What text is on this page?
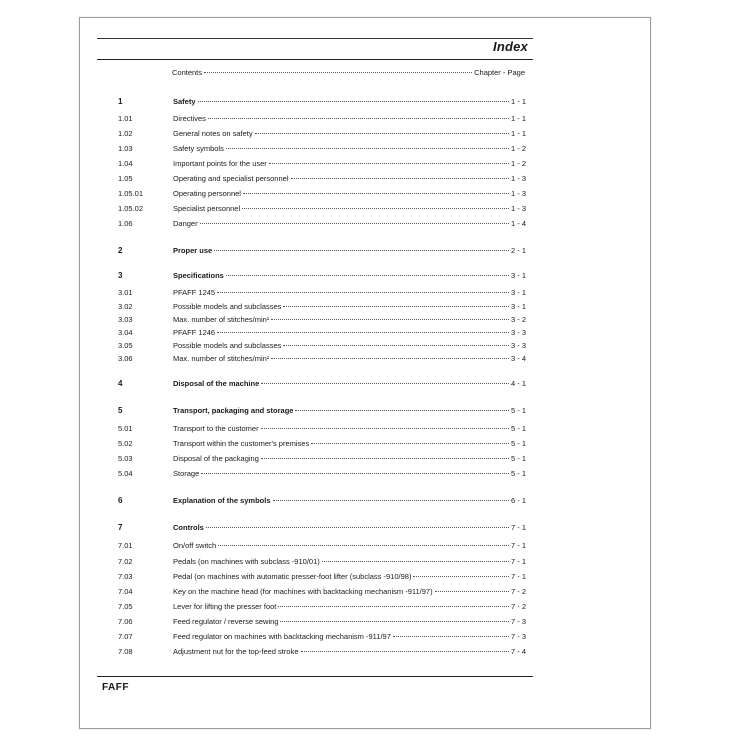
Index
Contents	Chapter - Page
1	Safety	1 - 1
1.01	Directives	1 - 1
1.02	General notes on safety	1 - 1
1.03	Safety symbols	1 - 2
1.04	Important points for the user	1 - 2
1.05	Operating and specialist personnel	1 - 3
1.05.01	Operating personnel	1 - 3
1.05.02	Specialist personnel	1 - 3
1.06	Danger	1 - 4
2	Proper use	2 - 1
3	Specifications	3 - 1
3.01	PFAFF 1245	3 - 1
3.02	Possible models and subclasses	3 - 1
3.03	Max. number of stitches/min¹	3 - 2
3.04	PFAFF 1246	3 - 3
3.05	Possible models and subclasses	3 - 3
3.06	Max. number of stitches/min¹	3 - 4
4	Disposal of the machine	4 - 1
5	Transport, packaging and storage	5 - 1
5.01	Transport to the customer	5 - 1
5.02	Transport within the customer's premises	5 - 1
5.03	Disposal of the packaging	5 - 1
5.04	Storage	5 - 1
6	Explanation of the symbols	6 - 1
7	Controls	7 - 1
7.01	On/off switch	7 - 1
7.02	Pedals (on machines with subclass -910/01)	7 - 1
7.03	Pedal (on machines with automatic presser-foot lifter (subclass -910/98)	7 - 1
7.04	Key on the machine head (for machines with backtacking mechanism -911/97)	7 - 2
7.05	Lever for lifting the presser foot	7 - 2
7.06	Feed regulator / reverse sewing	7 - 3
7.07	Feed regulator on machines with backtacking mechanism -911/97	7 - 3
7.08	Adjustment nut for the top-feed stroke	7 - 4
FAFF
